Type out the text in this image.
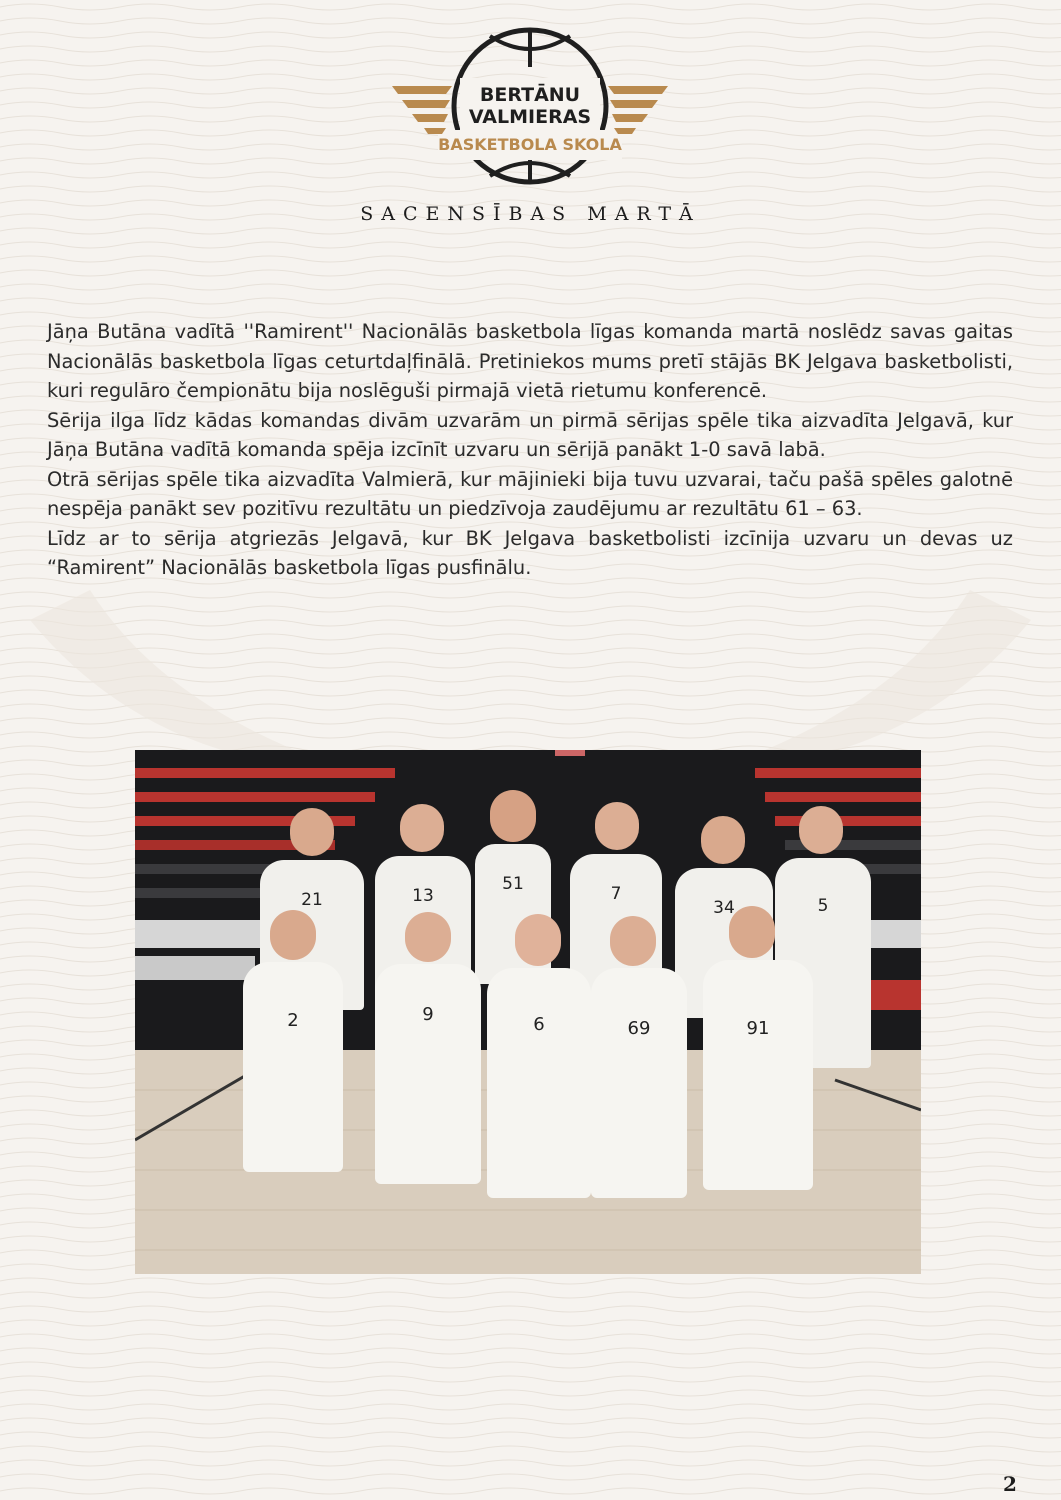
BERTĀNU
VALMIERAS
BASKETBOLA SKOLA
SACENSĪBAS MARTĀ

Jāņa Butāna vadītā ''Ramirent'' Nacionālās basketbola līgas komanda martā noslēdz savas gaitas Nacionālās basketbola līgas ceturtdaļfinālā. Pretiniekos mums pretī stājās BK Jelgava basketbolisti, kuri regulāro čempionātu bija noslēguši pirmajā vietā rietumu konferencē.

Sērija ilga līdz kādas komandas divām uzvarām un pirmā sērijas spēle tika aizvadīta Jelgavā, kur Jāņa Butāna vadītā komanda spēja izcīnīt uzvaru un sērijā panākt 1-0 savā labā.

Otrā sērijas spēle tika aizvadīta Valmierā, kur mājinieki bija tuvu uzvarai, taču pašā spēles galotnē nespēja panākt sev pozitīvu rezultātu un piedzīvoja zaudējumu ar rezultātu 61 – 63.

Līdz ar to sērija atgriezās Jelgavā, kur BK Jelgava basketbolisti izcīnija uzvaru un devas uz “Ramirent” Nacionālās basketbola līgas pusfinālu.

21	13
51	7
34	5
2	9	6	69	91
2
